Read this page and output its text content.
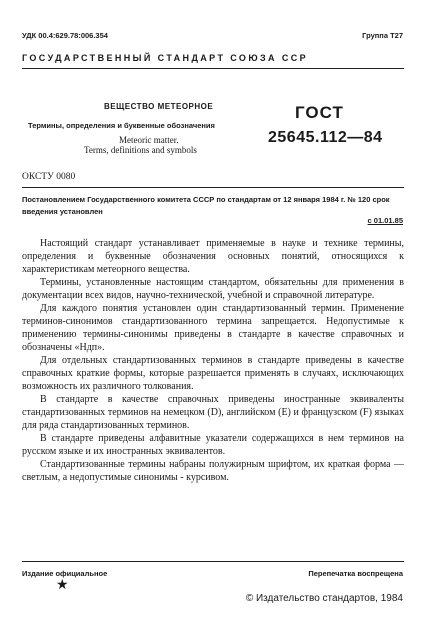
УДК 00.4:629.78:006.354	Группа Т27
ГОСУДАРСТВЕННЫЙ СТАНДАРТ СОЮЗА ССР
ВЕЩЕСТВО МЕТЕОРНОЕ
Термины, определения и буквенные обозначения
Meteoric matter.
Terms, definitions and symbols
ГОСТ
25645.112—84
ОКСТУ 0080
Постановлением Государственного комитета СССР по стандартам от 12 января 1984 г. № 120 срок введения установлен
с 01.01.85

Настоящий стандарт устанавливает применяемые в науке и технике термины, определения и буквенные обозначения основных понятий, относящихся к характеристикам метеорного вещества.

Термины, установленные настоящим стандартом, обязательны для применения в документации всех видов, научно-технической, учебной и справочной литературе.

Для каждого понятия установлен один стандартизованный термин. Применение терминов-синонимов стандартизованного термина запрещается. Недопустимые к применению термины-синонимы приведены в стандарте в качестве справочных и обозначены «Ндп».

Для отдельных стандартизованных терминов в стандарте приведены в качестве справочных краткие формы, которые разрешается применять в случаях, исключающих возможность их различного толкования.

В стандарте в качестве справочных приведены иностранные эквиваленты стандартизованных терминов на немецком (D), английском (E) и французском (F) языках для ряда стандартизованных терминов.

В стандарте приведены алфавитные указатели содержащихся в нем терминов на русском языке и их иностранных эквивалентов.

Стандартизованные термины набраны полужирным шрифтом, их краткая форма — светлым, а недопустимые синонимы - курсивом.

Издание официальное	Перепечатка воспрещена
★
© Издательство стандартов, 1984
